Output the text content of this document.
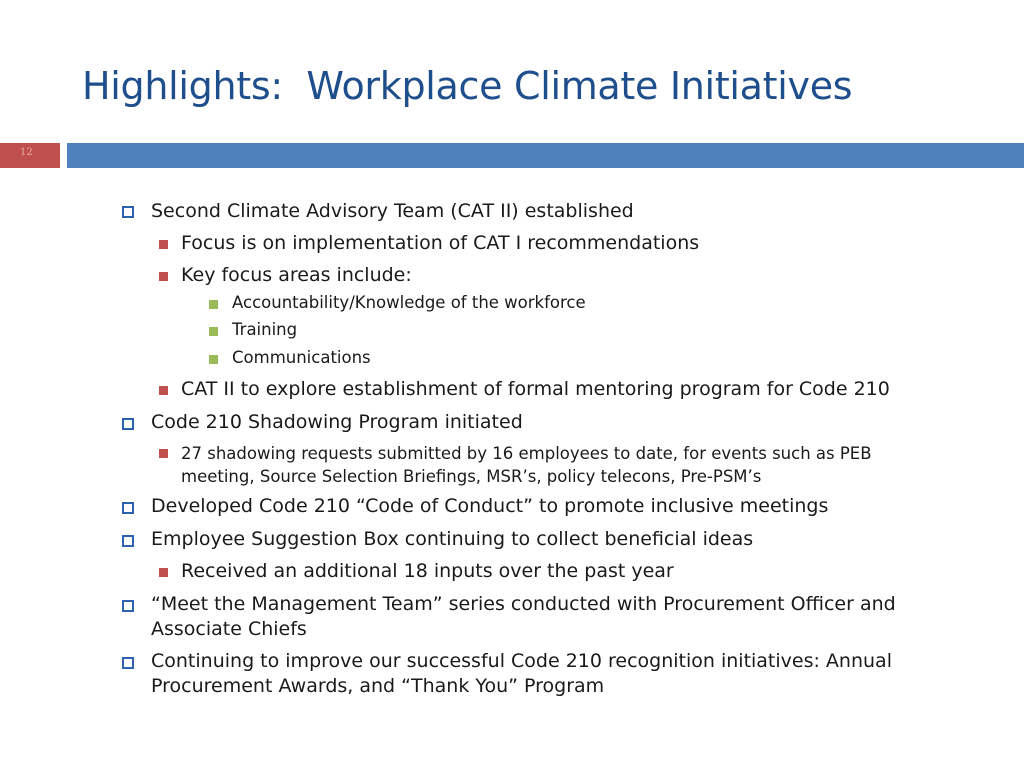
Highlights:  Workplace Climate Initiatives
12
Second Climate Advisory Team (CAT II) established
Focus is on implementation of CAT I recommendations
Key focus areas include:
Accountability/Knowledge of the workforce
Training
Communications
CAT II to explore establishment of formal mentoring program for Code 210
Code 210 Shadowing Program initiated
27 shadowing requests submitted by 16 employees to date, for events such as PEB
meeting, Source Selection Briefings, MSR’s, policy telecons, Pre-PSM’s
Developed Code 210 “Code of Conduct” to promote inclusive meetings
Employee Suggestion Box continuing to collect beneficial ideas
Received an additional 18 inputs over the past year
“Meet the Management Team” series conducted with Procurement Officer and
Associate Chiefs
Continuing to improve our successful Code 210 recognition initiatives: Annual
Procurement Awards, and “Thank You” Program
